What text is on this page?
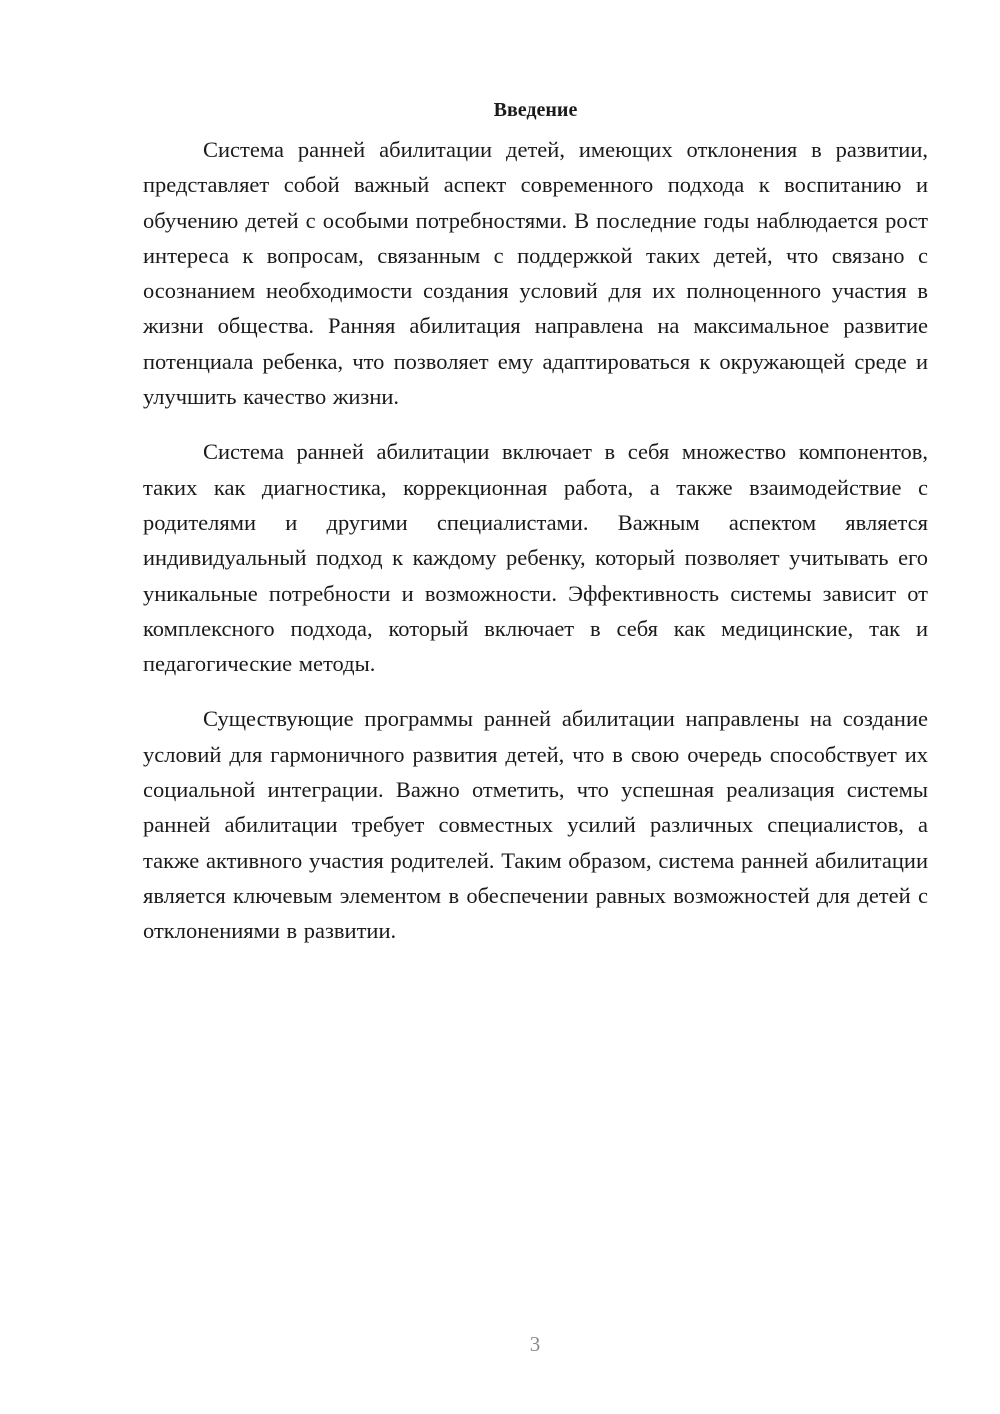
Введение

Система ранней абилитации детей, имеющих отклонения в развитии, представляет собой важный аспект современного подхода к воспитанию и обучению детей с особыми потребностями. В последние годы наблюдается рост интереса к вопросам, связанным с поддержкой таких детей, что связано с осознанием необходимости создания условий для их полноценного участия в жизни общества. Ранняя абилитация направлена на максимальное развитие потенциала ребенка, что позволяет ему адаптироваться к окружающей среде и улучшить качество жизни.

Система ранней абилитации включает в себя множество компонентов, таких как диагностика, коррекционная работа, а также взаимодействие с родителями и другими специалистами. Важным аспектом является индивидуальный подход к каждому ребенку, который позволяет учитывать его уникальные потребности и возможности. Эффективность системы зависит от комплексного подхода, который включает в себя как медицинские, так и педагогические методы.

Существующие программы ранней абилитации направлены на создание условий для гармоничного развития детей, что в свою очередь способствует их социальной интеграции. Важно отметить, что успешная реализация системы ранней абилитации требует совместных усилий различных специалистов, а также активного участия родителей. Таким образом, система ранней абилитации является ключевым элементом в обеспечении равных возможностей для детей с отклонениями в развитии.

3
